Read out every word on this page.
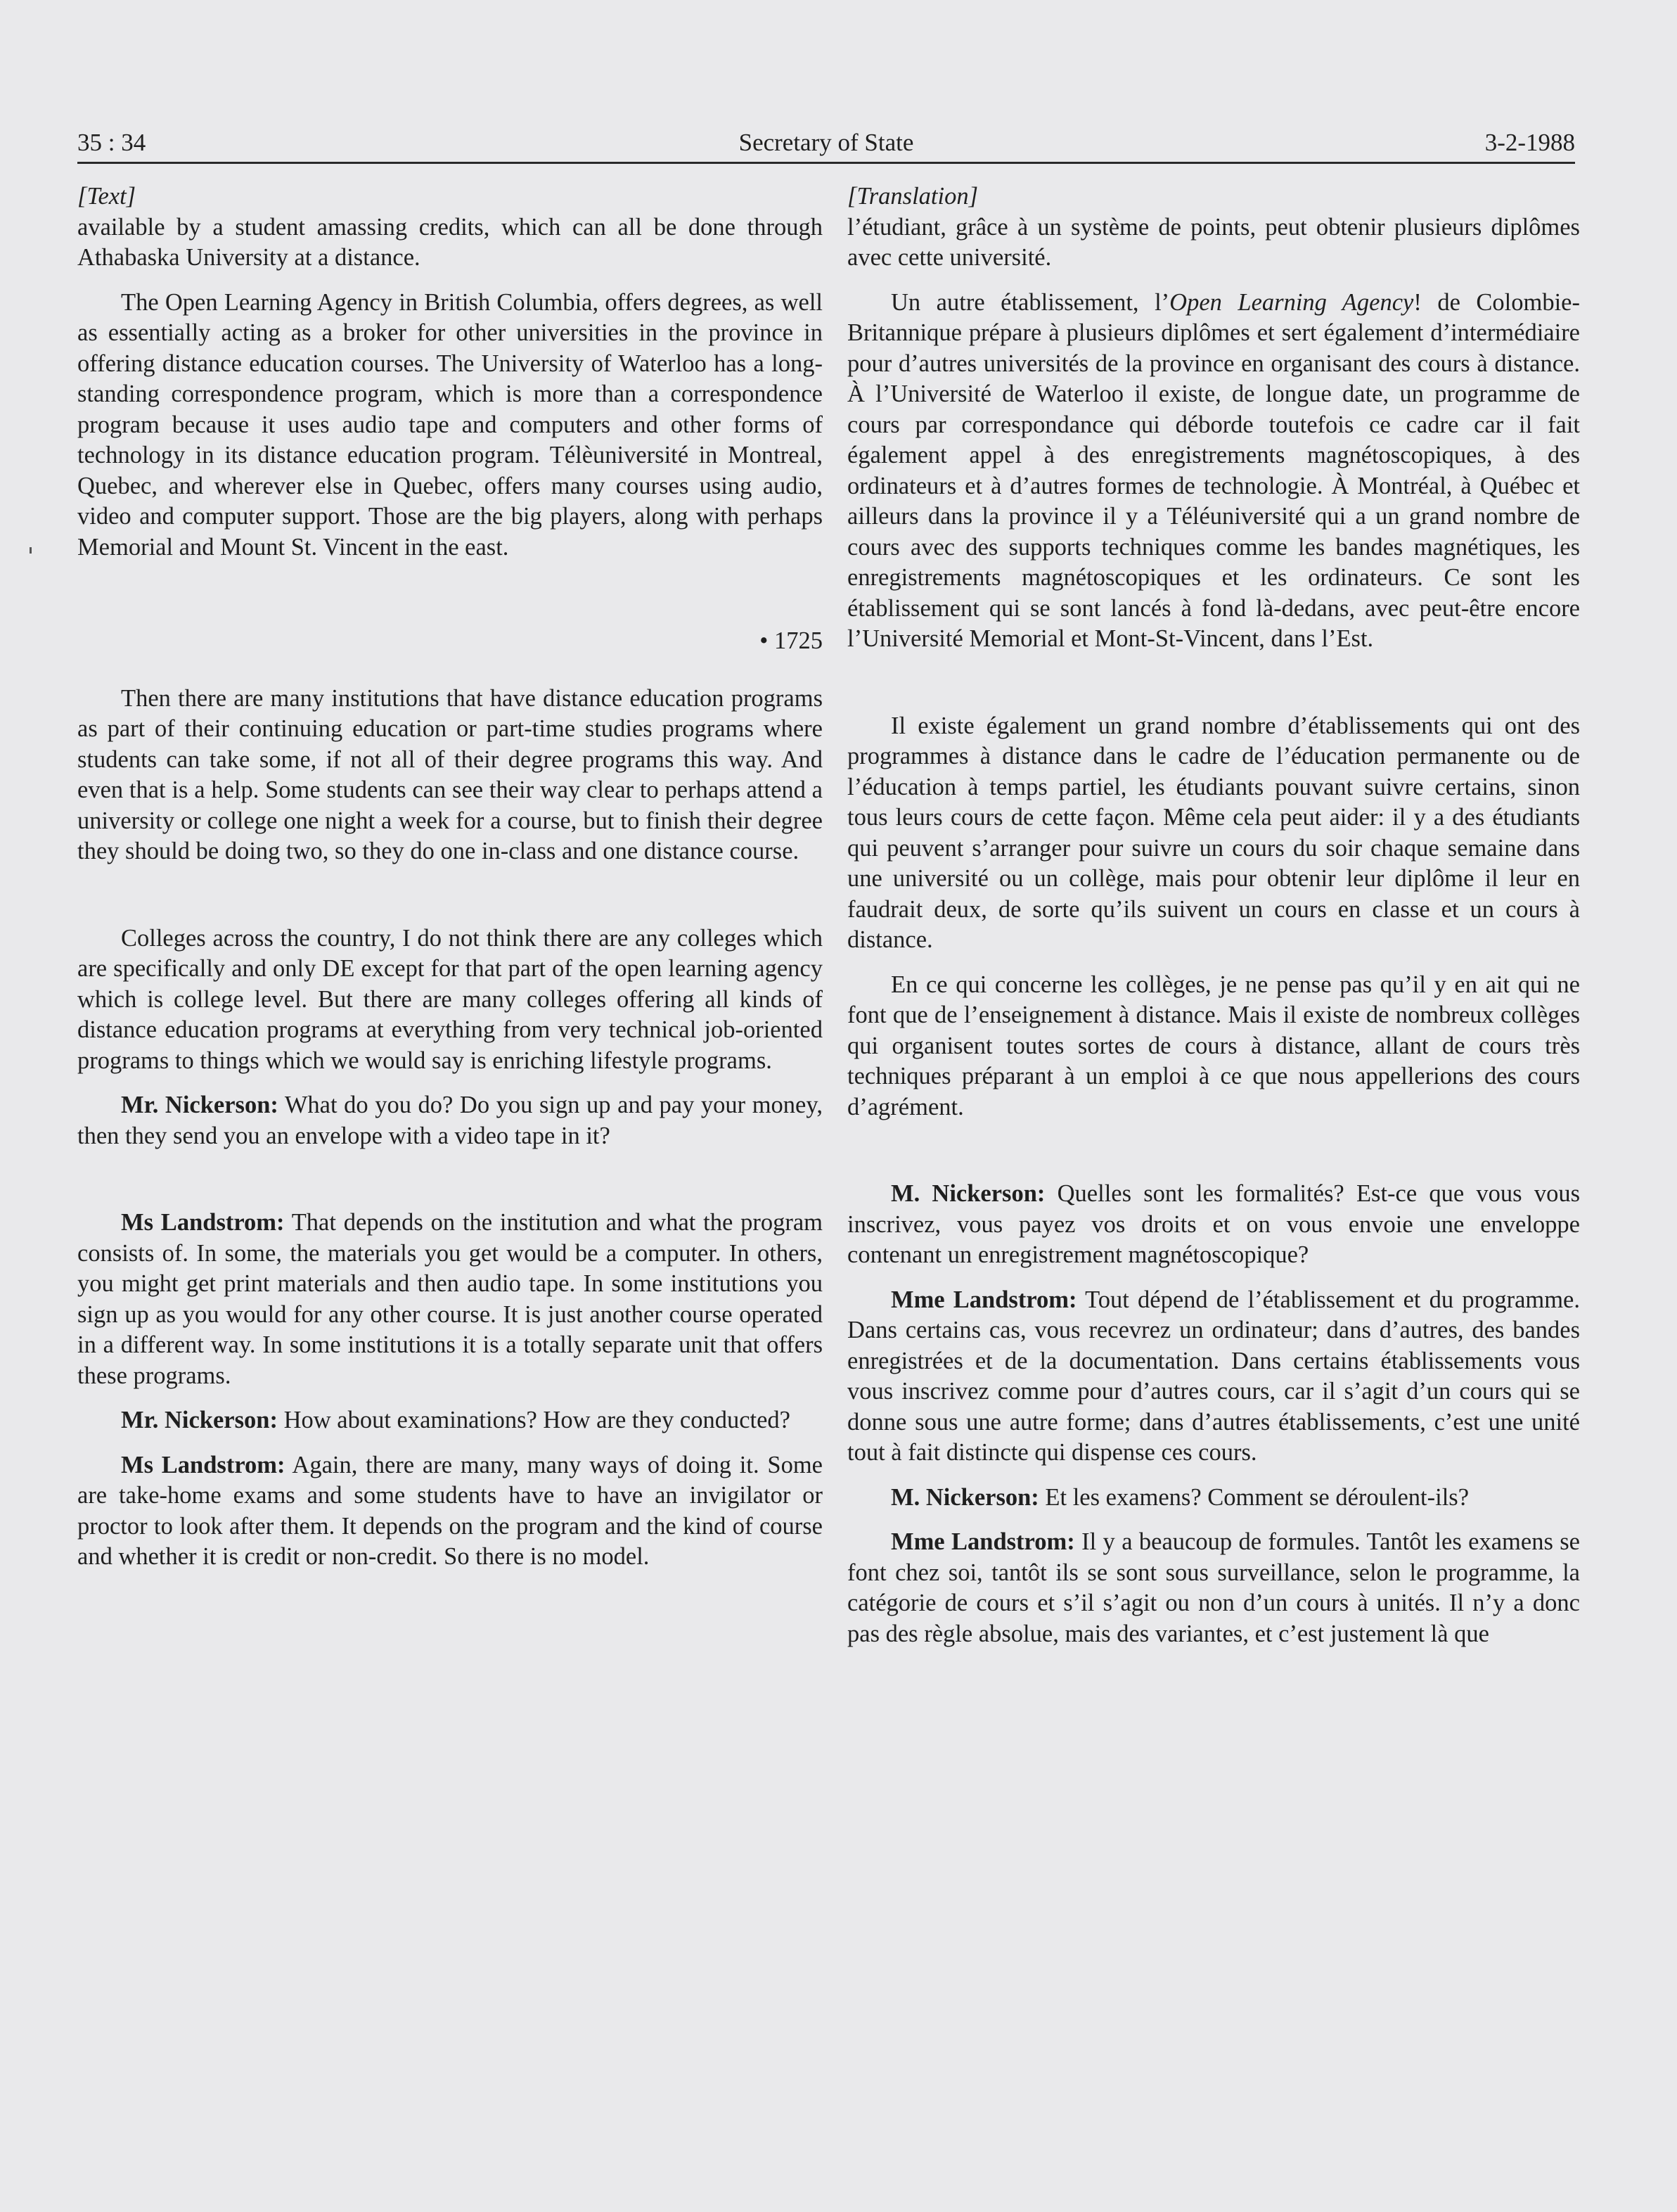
35 : 34	Secretary of State	3-2-1988
[Text]

available by a student amassing credits, which can all be done through Athabaska University at a distance.

The Open Learning Agency in British Columbia, offers degrees, as well as essentially acting as a broker for other universities in the province in offering distance education courses. The University of Waterloo has a long-standing correspondence program, which is more than a correspondence program because it uses audio tape and computers and other forms of technology in its distance education program. Télèuniversité in Montreal, Quebec, and wherever else in Quebec, offers many courses using audio, video and computer support. Those are the big players, along with perhaps Memorial and Mount St. Vincent in the east.

• 1725

Then there are many institutions that have distance education programs as part of their continuing education or part-time studies programs where students can take some, if not all of their degree programs this way. And even that is a help. Some students can see their way clear to perhaps attend a university or college one night a week for a course, but to finish their degree they should be doing two, so they do one in-class and one distance course.

Colleges across the country, I do not think there are any colleges which are specifically and only DE except for that part of the open learning agency which is college level. But there are many colleges offering all kinds of distance education programs at everything from very technical job-oriented programs to things which we would say is enriching lifestyle programs.

Mr. Nickerson: What do you do? Do you sign up and pay your money, then they send you an envelope with a video tape in it?

Ms Landstrom: That depends on the institution and what the program consists of. In some, the materials you get would be a computer. In others, you might get print materials and then audio tape. In some institutions you sign up as you would for any other course. It is just another course operated in a different way. In some institutions it is a totally separate unit that offers these programs.

Mr. Nickerson: How about examinations? How are they conducted?

Ms Landstrom: Again, there are many, many ways of doing it. Some are take-home exams and some students have to have an invigilator or proctor to look after them. It depends on the program and the kind of course and whether it is credit or non-credit. So there is no model.

[Translation]

l’étudiant, grâce à un système de points, peut obtenir plusieurs diplômes avec cette université.

Un autre établissement, l’Open Learning Agency! de Colombie-Britannique prépare à plusieurs diplômes et sert également d’intermédiaire pour d’autres universités de la province en organisant des cours à distance. À l’Université de Waterloo il existe, de longue date, un programme de cours par correspondance qui déborde toutefois ce cadre car il fait également appel à des enregistrements magnétoscopiques, à des ordinateurs et à d’autres formes de technologie. À Montréal, à Québec et ailleurs dans la province il y a Téléuniversité qui a un grand nombre de cours avec des supports techniques comme les bandes magnétiques, les enregistrements magnétoscopiques et les ordinateurs. Ce sont les établissement qui se sont lancés à fond là-dedans, avec peut-être encore l’Université Memorial et Mont-St-Vincent, dans l’Est.

Il existe également un grand nombre d’établissements qui ont des programmes à distance dans le cadre de l’éducation permanente ou de l’éducation à temps partiel, les étudiants pouvant suivre certains, sinon tous leurs cours de cette façon. Même cela peut aider: il y a des étudiants qui peuvent s’arranger pour suivre un cours du soir chaque semaine dans une université ou un collège, mais pour obtenir leur diplôme il leur en faudrait deux, de sorte qu’ils suivent un cours en classe et un cours à distance.

En ce qui concerne les collèges, je ne pense pas qu’il y en ait qui ne font que de l’enseignement à distance. Mais il existe de nombreux collèges qui organisent toutes sortes de cours à distance, allant de cours très techniques préparant à un emploi à ce que nous appellerions des cours d’agrément.

M. Nickerson: Quelles sont les formalités? Est-ce que vous vous inscrivez, vous payez vos droits et on vous envoie une enveloppe contenant un enregistrement magnétoscopique?

Mme Landstrom: Tout dépend de l’établissement et du programme. Dans certains cas, vous recevrez un ordinateur; dans d’autres, des bandes enregistrées et de la documentation. Dans certains établissements vous vous inscrivez comme pour d’autres cours, car il s’agit d’un cours qui se donne sous une autre forme; dans d’autres établissements, c’est une unité tout à fait distincte qui dispense ces cours.

M. Nickerson: Et les examens? Comment se déroulent-ils?

Mme Landstrom: Il y a beaucoup de formules. Tantôt les examens se font chez soi, tantôt ils se sont sous surveillance, selon le programme, la catégorie de cours et s’il s’agit ou non d’un cours à unités. Il n’y a donc pas des règle absolue, mais des variantes, et c’est justement là que
